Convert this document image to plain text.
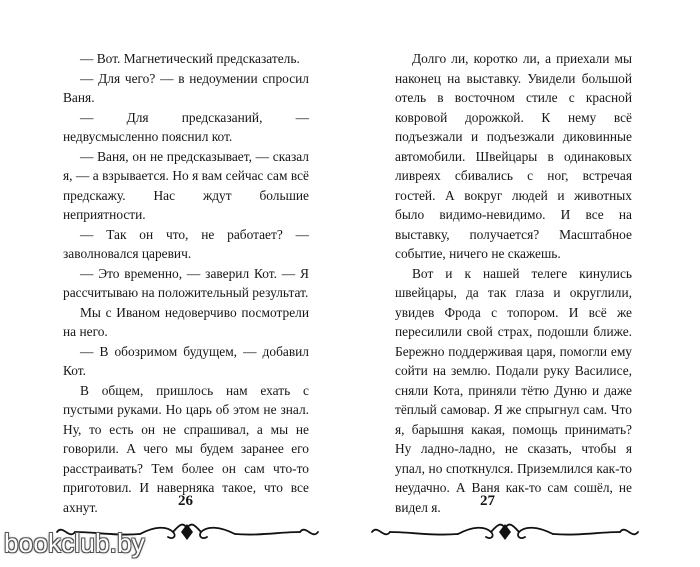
— Вот. Магнетический предсказатель.

— Для чего? — в недоумении спросил Ваня.

— Для предсказаний, — недвусмысленно пояснил кот.

— Ваня, он не предсказывает, — сказал я, — а взрывается. Но я вам сейчас сам всё предскажу. Нас ждут большие неприятности.

— Так он что, не работает? — заволновался царевич.

— Это временно, — заверил Кот. — Я рассчитываю на положительный результат.

Мы с Иваном недоверчиво посмотрели на него.

— В обозримом будущем, — добавил Кот.

В общем, пришлось нам ехать с пустыми руками. Но царь об этом не знал. Ну, то есть он не спрашивал, а мы не говорили. А чего мы будем заранее его расстраивать? Тем более он сам что-то приготовил. И наверняка такое, что все ахнут.	26

Долго ли, коротко ли, а приехали мы наконец на выставку. Увидели большой отель в восточном стиле с красной ковровой дорожкой. К нему всё подъезжали и подъезжали диковинные автомобили. Швейцары в одинаковых ливреях сбивались с ног, встречая гостей. А вокруг людей и животных было видимо-невидимо. И все на выставку, получается? Масштабное событие, ничего не скажешь.

Вот и к нашей телеге кинулись швейцары, да так глаза и округлили, увидев Фрода с топором. И всё же пересилили свой страх, подошли ближе. Бережно поддерживая царя, помогли ему сойти на землю. Подали руку Василисе, сняли Кота, приняли тётю Дуню и даже тёплый самовар. Я же спрыгнул сам. Что я, барышня какая, помощь принимать? Ну ладно-ладно, не сказать, чтобы я упал, но споткнулся. Приземлился как-то неудачно. А Ваня как-то сам сошёл, не видел я.	27
bookclub.by
